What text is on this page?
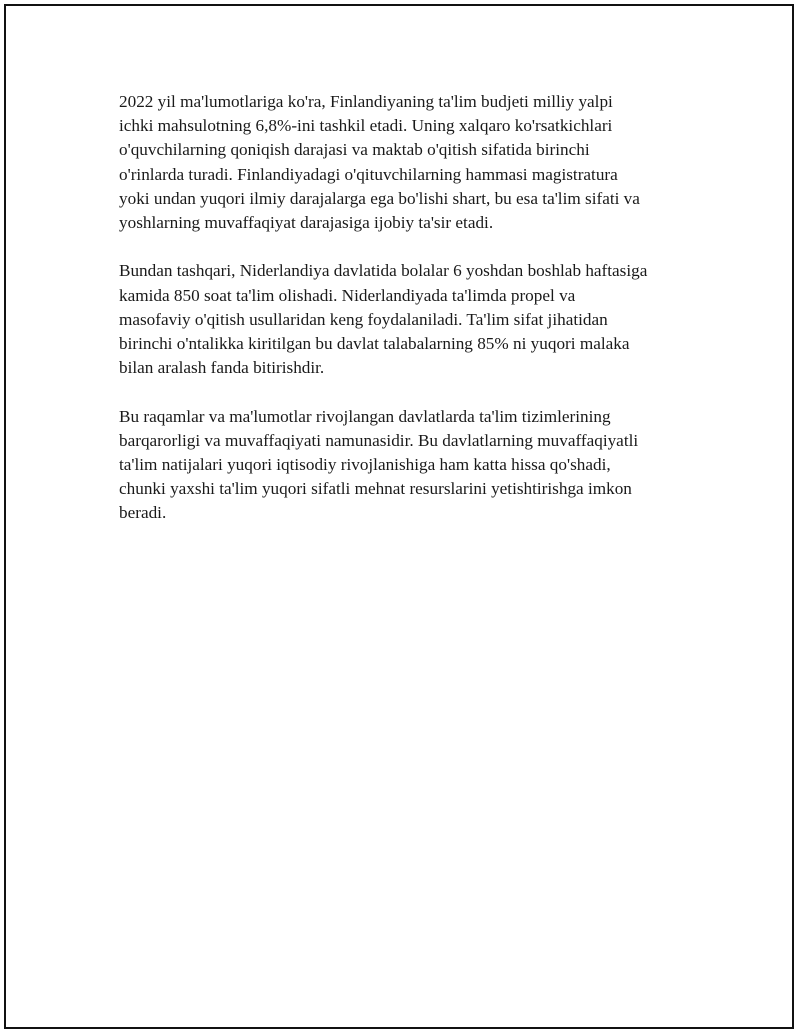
2022 yil ma'lumotlariga ko'ra, Finlandiyaning ta'lim budjeti milliy yalpi
ichki mahsulotning 6,8%-ini tashkil etadi. Uning xalqaro ko'rsatkichlari
o'quvchilarning qoniqish darajasi va maktab o'qitish sifatida birinchi
o'rinlarda turadi. Finlandiyadagi o'qituvchilarning hammasi magistratura
yoki undan yuqori ilmiy darajalarga ega bo'lishi shart, bu esa ta'lim sifati va
yoshlarning muvaffaqiyat darajasiga ijobiy ta'sir etadi.

Bundan tashqari, Niderlandiya davlatida bolalar 6 yoshdan boshlab haftasiga
kamida 850 soat ta'lim olishadi. Niderlandiyada ta'limda propel va
masofaviy o'qitish usullaridan keng foydalaniladi. Ta'lim sifat jihatidan
birinchi o'ntalikka kiritilgan bu davlat talabalarning 85% ni yuqori malaka
bilan aralash fanda bitirishdir.

Bu raqamlar va ma'lumotlar rivojlangan davlatlarda ta'lim tizimlerining
barqarorligi va muvaffaqiyati namunasidir. Bu davlatlarning muvaffaqiyatli
ta'lim natijalari yuqori iqtisodiy rivojlanishiga ham katta hissa qo'shadi,
chunki yaxshi ta'lim yuqori sifatli mehnat resurslarini yetishtirishga imkon
beradi.
